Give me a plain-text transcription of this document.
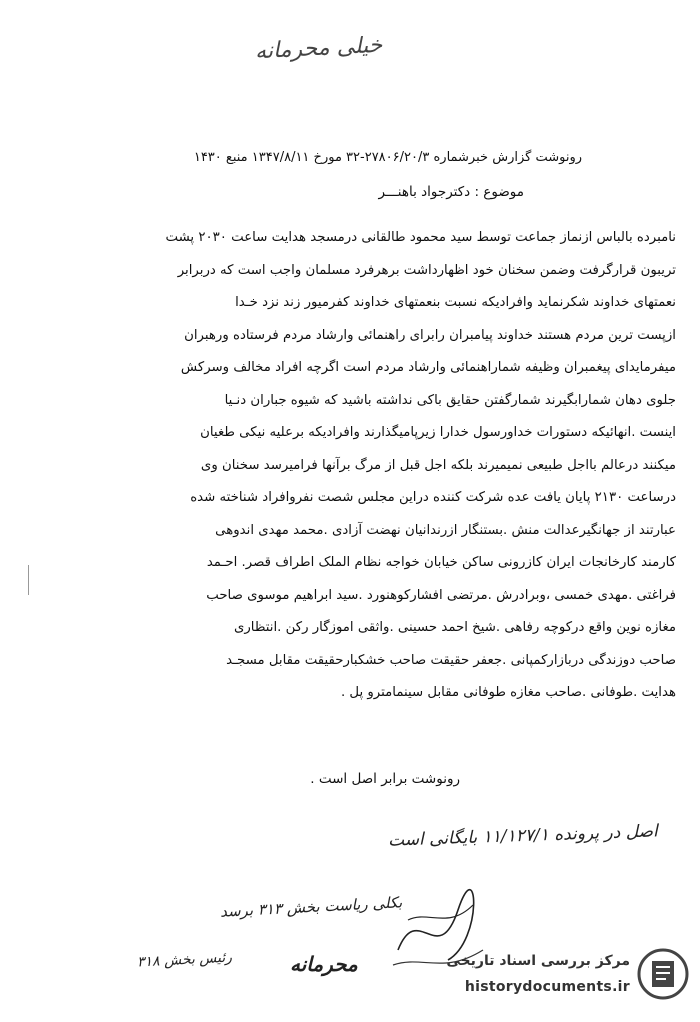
خیلی محرمانه
رونوشت گزارش خبرشماره ۲۷۸۰۶/۲۰/۳-۳۲ مورخ ۱۳۴۷/۸/۱۱ منبع ۱۴۳۰
موضوع : دکترجواد باهنـــر
نامبرده بالباس ازنماز جماعت توسط سید محمود طالقانی درمسجد هدایت ساعت ۲۰۳۰ پشت
تریبون قرارگرفت وضمن سخنان خود اظهارداشت برهرفرد مسلمان واجب است که دربرابر
نعمتهای خداوند شکرنماید وافرادیکه نسبت بنعمتهای خداوند کفرمیور زند نزد خـدا
ازپست ترین مردم هستند خداوند پیامبران رابرای راهنمائی وارشاد مردم فرستاده ورهبران
میفرمایدای پیغمبران وظیفه شماراهنمائی وارشاد مردم است اگرچه افراد مخالف وسرکش
جلوی دهان شمارابگیرند شمارگفتن حقایق باکی نداشته باشید که شیوه جباران دنـیا
اینست .انهائیکه دستورات خداورسول خدارا زیرپامیگذارند وافرادیکه برعلیه نیکی طغیان
میکنند درعالم بااجل طبیعی نمیمیرند بلکه اجل قبل از مرگ برآنها فرامیرسد سخنان وی
درساعت ۲۱۳۰ پایان یافت عده شرکت کننده دراین مجلس شصت نفروافراد شناخته شده
عبارتند از جهانگیرعدالت منش .بستنگار ازرندانیان نهضت آزادی .محمد مهدی اندوهی
کارمند کارخانجات ایران کازرونی ساکن خیابان خواجه نظام الملک اطراف قصر. احـمد
فراغتی .مهدی خمسی ،وبرادرش .مرتضی افشارکوهنورد .سید ابراهیم موسوی صاحب
مغازه نوین واقع درکوچه رفاهی .شیخ احمد حسینی .واثقی اموزگار رکن .انتظاری
صاحب دوزندگی دربازارکمپانی .جعفر حقیقت صاحب خشکبارحقیقت مقابل مسجـد
هدایت .طوفانی .صاحب مغازه طوفانی مقابل سینمامترو پل .
رونوشت برابر اصل است .
اصل در پرونده ۱۱/۱۲۷/۱ بایگانی است
بکلی ریاست بخش ۳۱۳ برسد
رئیس بخش ۳۱۸	محرمانه	مرکز بررسی اسناد تاریخی
historydocuments.ir
